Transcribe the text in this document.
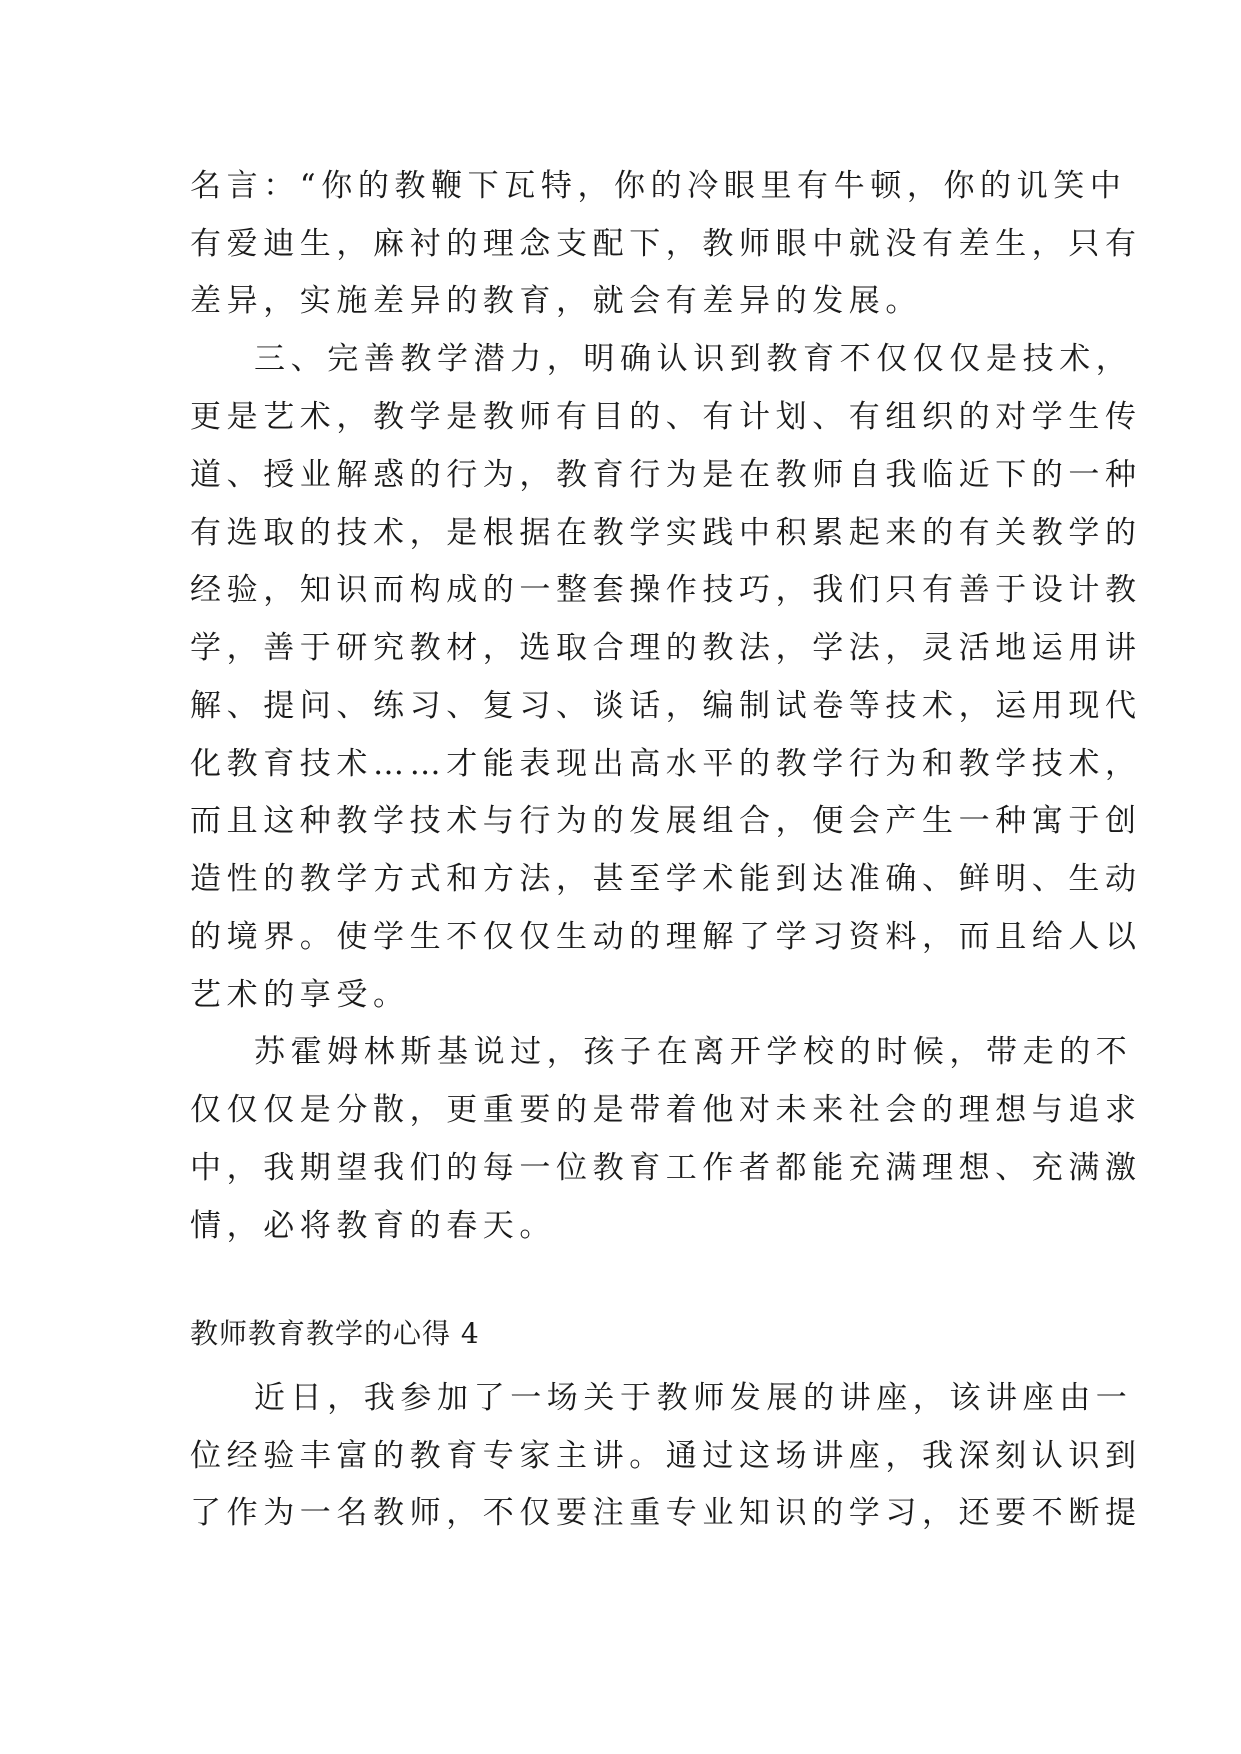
名言：“你的教鞭下瓦特，你的冷眼里有牛顿，你的讥笑中
有爱迪生，麻衬的理念支配下，教师眼中就没有差生，只有
差异，实施差异的教育，就会有差异的发展。
三、完善教学潜力，明确认识到教育不仅仅仅是技术，
更是艺术，教学是教师有目的、有计划、有组织的对学生传
道、授业解惑的行为，教育行为是在教师自我临近下的一种
有选取的技术，是根据在教学实践中积累起来的有关教学的
经验，知识而构成的一整套操作技巧，我们只有善于设计教
学，善于研究教材，选取合理的教法，学法，灵活地运用讲
解、提问、练习、复习、谈话，编制试卷等技术，运用现代
化教育技术……才能表现出高水平的教学行为和教学技术，
而且这种教学技术与行为的发展组合，便会产生一种寓于创
造性的教学方式和方法，甚至学术能到达准确、鲜明、生动
的境界。使学生不仅仅生动的理解了学习资料，而且给人以
艺术的享受。
苏霍姆林斯基说过，孩子在离开学校的时候，带走的不
仅仅仅是分散，更重要的是带着他对未来社会的理想与追求
中，我期望我们的每一位教育工作者都能充满理想、充满激
情，必将教育的春天。
教师教育教学的心得 4
近日，我参加了一场关于教师发展的讲座，该讲座由一
位经验丰富的教育专家主讲。通过这场讲座，我深刻认识到
了作为一名教师，不仅要注重专业知识的学习，还要不断提
